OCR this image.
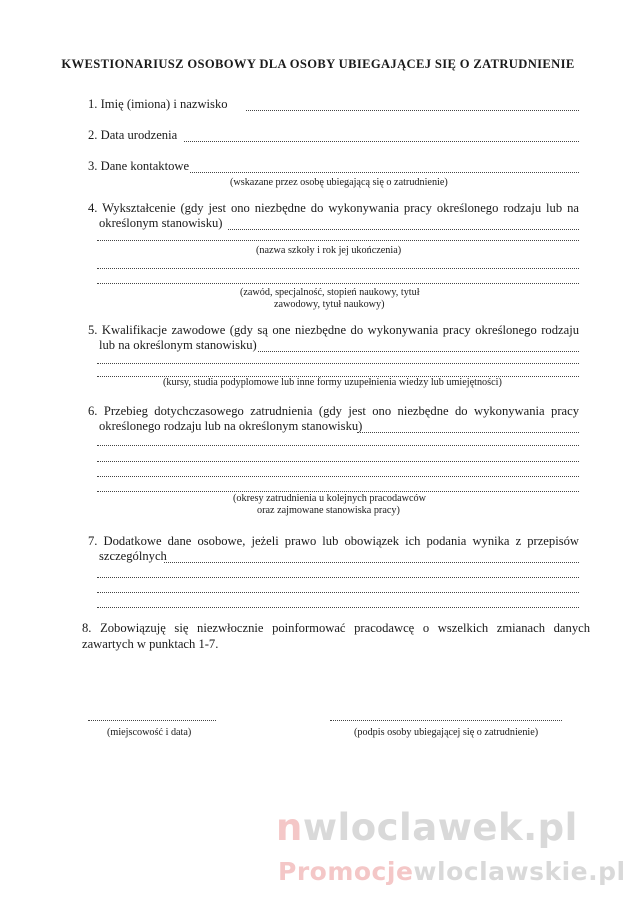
KWESTIONARIUSZ OSOBOWY DLA OSOBY UBIEGAJĄCEJ SIĘ O ZATRUDNIENIE
1. Imię (imiona) i nazwisko
2. Data urodzenia
3. Dane kontaktowe
(wskazane przez osobę ubiegającą się o zatrudnienie)
4. Wykształcenie (gdy jest ono niezbędne do wykonywania pracy określonego rodzaju lub na
określonym stanowisku)
(nazwa szkoły i rok jej ukończenia)
(zawód, specjalność, stopień naukowy, tytuł
zawodowy, tytuł naukowy)
5. Kwalifikacje zawodowe (gdy są one niezbędne do wykonywania pracy określonego rodzaju
lub na określonym stanowisku)
(kursy, studia podyplomowe lub inne formy uzupełnienia wiedzy lub umiejętności)
6. Przebieg dotychczasowego zatrudnienia (gdy jest ono niezbędne do wykonywania pracy
określonego rodzaju lub na określonym stanowisku)
(okresy zatrudnienia u kolejnych pracodawców
oraz zajmowane stanowiska pracy)
7. Dodatkowe dane osobowe, jeżeli prawo lub obowiązek ich podania wynika z przepisów
szczególnych
8. Zobowiązuję się niezwłocznie poinformować pracodawcę o wszelkich zmianach danych
zawartych w punktach 1-7.
(miejscowość i data)	(podpis osoby ubiegającej się o zatrudnienie)
nwloclawek.pl
Promocjewloclawskie.pl
